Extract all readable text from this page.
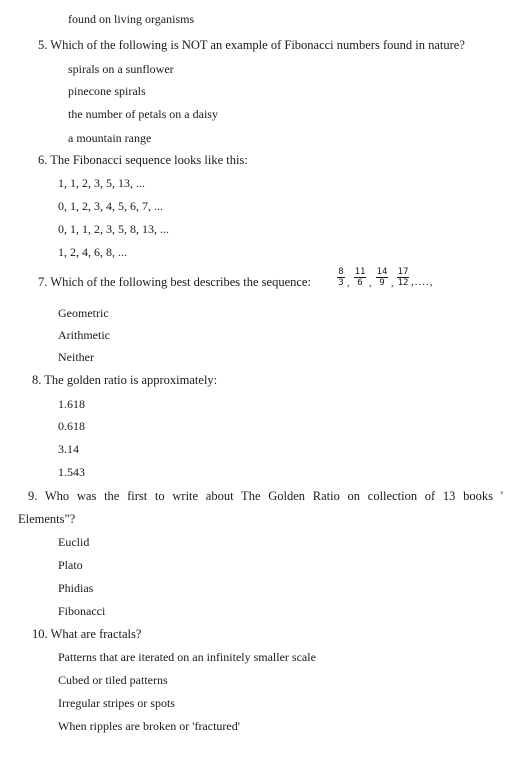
found on living organisms
5. Which of the following is NOT an example of Fibonacci numbers found in nature?
spirals on a sunflower
pinecone spirals
the number of petals on a daisy
a mountain range
6. The Fibonacci sequence looks like this:
1, 1, 2, 3, 5, 13, ...
0, 1, 2, 3, 4, 5, 6, 7, ...
0, 1, 1, 2, 3, 5, 8, 13, ...
1, 2, 4, 6, 8, ...
7. Which of the following best describes the sequence:
8
3 ,
11
6 ,
14
9 ,
17
12 ,....,
Geometric
Arithmetic
Neither
8. The golden ratio is approximately:
1.618
0.618
3.14
1.543
9. Who was the first to write about The Golden Ratio on collection of 13 books '
Elements"?
Euclid
Plato
Phidias
Fibonacci
10. What are fractals?
Patterns that are iterated on an infinitely smaller scale
Cubed or tiled patterns
Irregular stripes or spots
When ripples are broken or 'fractured'
